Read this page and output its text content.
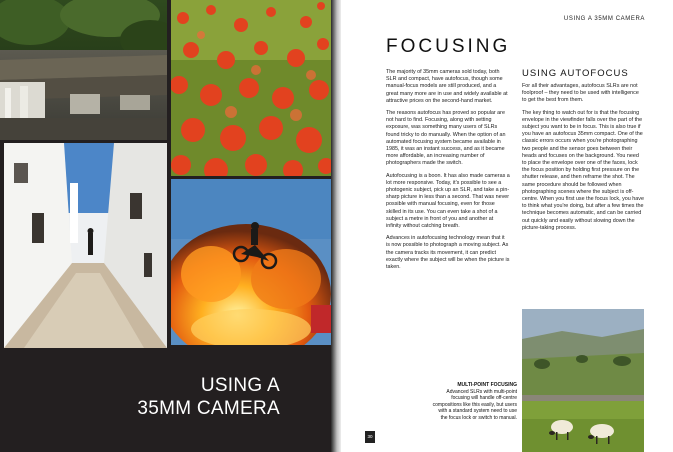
USING A
35MM CAMERA
USING A 35MM CAMERA
FOCUSING

The majority of 35mm cameras sold today, both SLR and compact, have autofocus, though some manual-focus models are still produced, and a great many more are in use and widely available at attractive prices on the second-hand market.

The reasons autofocus has proved so popular are not hard to find. Focusing, along with setting exposure, was something many users of SLRs found tricky to do manually. When the option of an automated focusing system became available in 1985, it was an instant success, and as it became more affordable, an increasing number of photographers made the switch.

Autofocusing is a boon. It has also made cameras a lot more responsive. Today, it's possible to see a photogenic subject, pick up an SLR, and take a pin-sharp picture in less than a second. That was never possible with manual focusing, even for those skilled in its use. You can even take a shot of a subject a metre in front of you and another at infinity without catching breath.

Advances in autofocusing technology mean that it is now possible to photograph a moving subject. As the camera tracks its movement, it can predict exactly where the subject will be when the picture is taken.

USING AUTOFOCUS

For all their advantages, autofocus SLRs are not foolproof – they need to be used with intelligence to get the best from them.

The key thing to watch out for is that the focusing envelope in the viewfinder falls over the part of the subject you want to be in focus. This is also true if you have an autofocus 35mm compact. One of the classic errors occurs when you're photographing two people and the sensor goes between their heads and focuses on the background. You need to place the envelope over one of the faces, lock the focus position by holding first pressure on the shutter release, and then reframe the shot. The same procedure should be followed when photographing scenes where the subject is off-centre. When you first use the focus lock, you have to think what you're doing, but after a few times the technique becomes automatic, and can be carried out quickly and easily without slowing down the picture-taking process.

MULTI-POINT FOCUSING
Advanced SLRs with multi-point focusing will handle off-centre compositions like this easily, but users with a standard system need to use the focus lock or switch to manual.
30
